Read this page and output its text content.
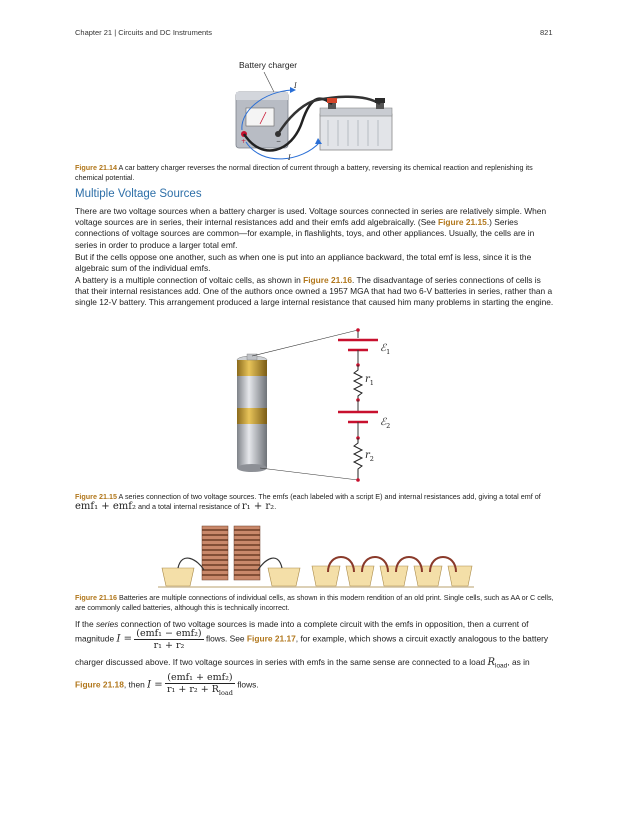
Chapter 21 | Circuits and DC Instruments	821
Battery charger
+	−
I
I

Figure 21.14 A car battery charger reverses the normal direction of current through a battery, reversing its chemical reaction and replenishing its chemical potential.

Multiple Voltage Sources

There are two voltage sources when a battery charger is used. Voltage sources connected in series are relatively simple. When voltage sources are in series, their internal resistances add and their emfs add algebraically. (See Figure 21.15.) Series connections of voltage sources are common—for example, in flashlights, toys, and other appliances. Usually, the cells are in series in order to produce a larger total emf.

But if the cells oppose one another, such as when one is put into an appliance backward, the total emf is less, since it is the algebraic sum of the individual emfs.

A battery is a multiple connection of voltaic cells, as shown in Figure 21.16. The disadvantage of series connections of cells is that their internal resistances add. One of the authors once owned a 1957 MGA that had two 6-V batteries in series, rather than a single 12-V battery. This arrangement produced a large internal resistance that caused him many problems in starting the engine.

ℰ$_1$
$r_1$
ℰ$_2$
$r_2$

Figure 21.15 A series connection of two voltage sources. The emfs (each labeled with a script E) and internal resistances add, giving a total emf of

emf₁ + emf₂ and a total internal resistance of r₁ + r₂.

Figure 21.16 Batteries are multiple connections of individual cells, as shown in this modern rendition of an old print. Single cells, such as AA or C cells, are commonly called batteries, although this is technically incorrect.

If the series connection of two voltage sources is made into a complete circuit with the emfs in opposition, then a current of

magnitude $I = \frac{\text{(emf₁ − emf₂)}}{\text{r₁ + r₂}}$ flows. See Figure 21.17, for example, which shows a circuit exactly analogous to the battery

charger discussed above. If two voltage sources in series with emfs in the same sense are connected to a load $R_{load}$, as in

Figure 21.18, then $I = \frac{\text{(emf₁ + emf₂)}}{r_1 + r_2 + R_{load}}$ flows.
